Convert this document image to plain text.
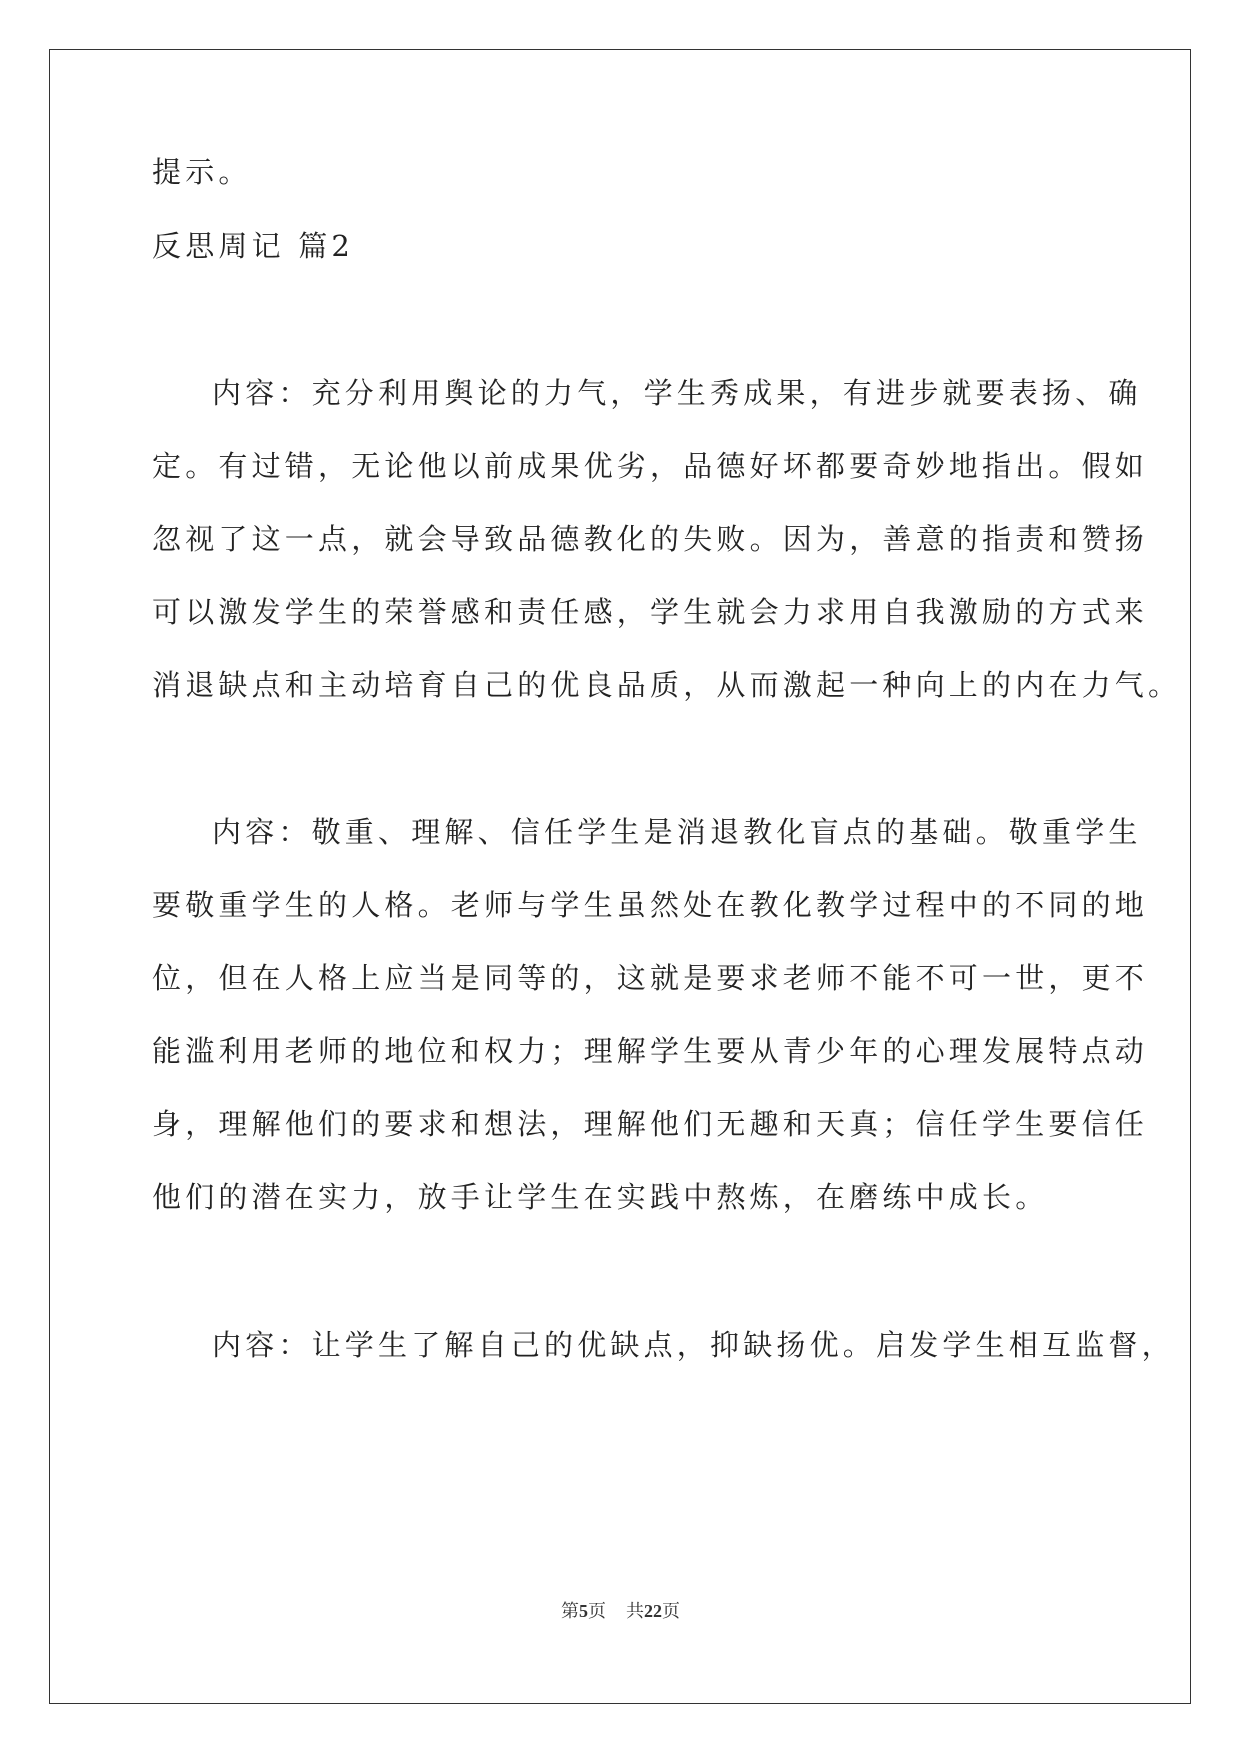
提示。
反思周记 篇2
内容：充分利用舆论的力气，学生秀成果，有进步就要表扬、确
定。有过错，无论他以前成果优劣，品德好坏都要奇妙地指出。假如
忽视了这一点，就会导致品德教化的失败。因为，善意的指责和赞扬
可以激发学生的荣誉感和责任感，学生就会力求用自我激励的方式来
消退缺点和主动培育自己的优良品质，从而激起一种向上的内在力气。
内容：敬重、理解、信任学生是消退教化盲点的基础。敬重学生
要敬重学生的人格。老师与学生虽然处在教化教学过程中的不同的地
位，但在人格上应当是同等的，这就是要求老师不能不可一世，更不
能滥利用老师的地位和权力；理解学生要从青少年的心理发展特点动
身，理解他们的要求和想法，理解他们无趣和天真；信任学生要信任
他们的潜在实力，放手让学生在实践中熬炼，在磨练中成长。
内容：让学生了解自己的优缺点，抑缺扬优。启发学生相互监督，
第5页 共22页
